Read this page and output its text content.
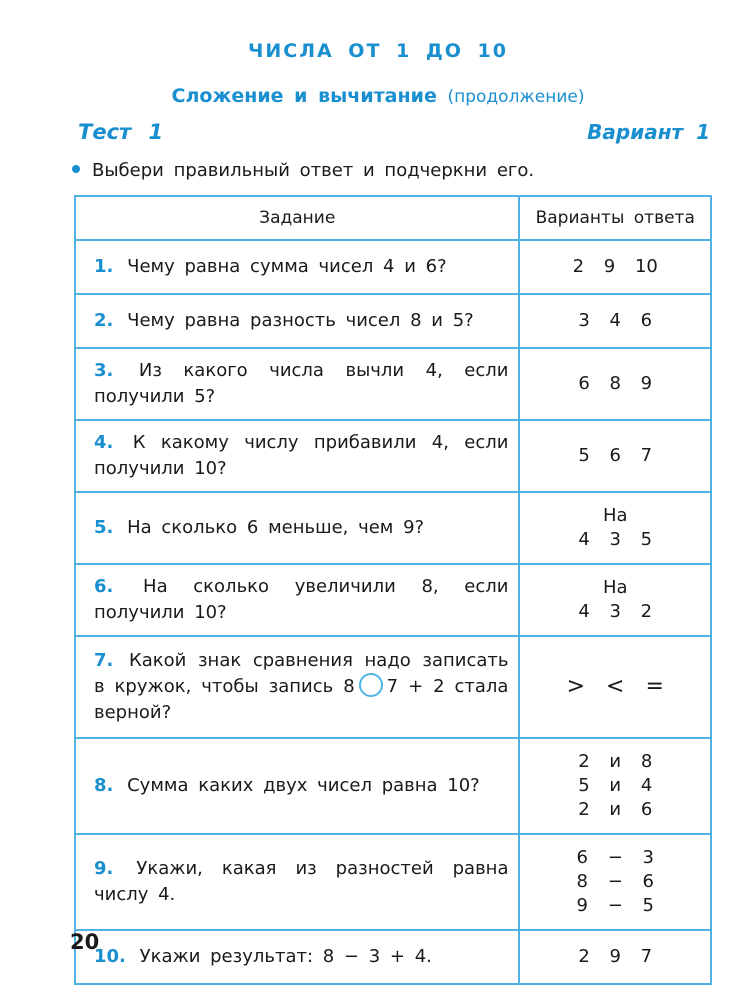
ЧИСЛА ОТ 1 ДО 10
Сложение и вычитание (продолжение)
Тест 1	Вариант 1
Выбери правильный ответ и подчеркни его.
Задание	Варианты ответа
1. Чему равна сумма чисел 4 и 6?	2 9 10

2. Чему равна разность чисел 8 и 5?	3 4 6

3. Из какого числа вычли 4, если получили 5?	6 8 9

4. К какому числу прибавили 4, если получили 10?	5 6 7

5. На сколько 6 меньше, чем 9?	На
4 3 5

6. На сколько увеличили 8, если получили 10?	На
4 3 2

7. Какой знак сравнения надо записать в кружок, чтобы запись 8 7 + 2 стала верной?	> < =

8. Сумма каких двух чисел равна 10?	2 и 8
5 и 4
2 и 6

9. Укажи, какая из разностей равна числу 4.	6 − 3
8 − 6
9 − 5

10. Укажи результат: 8 − 3 + 4.	2 9 7
20
